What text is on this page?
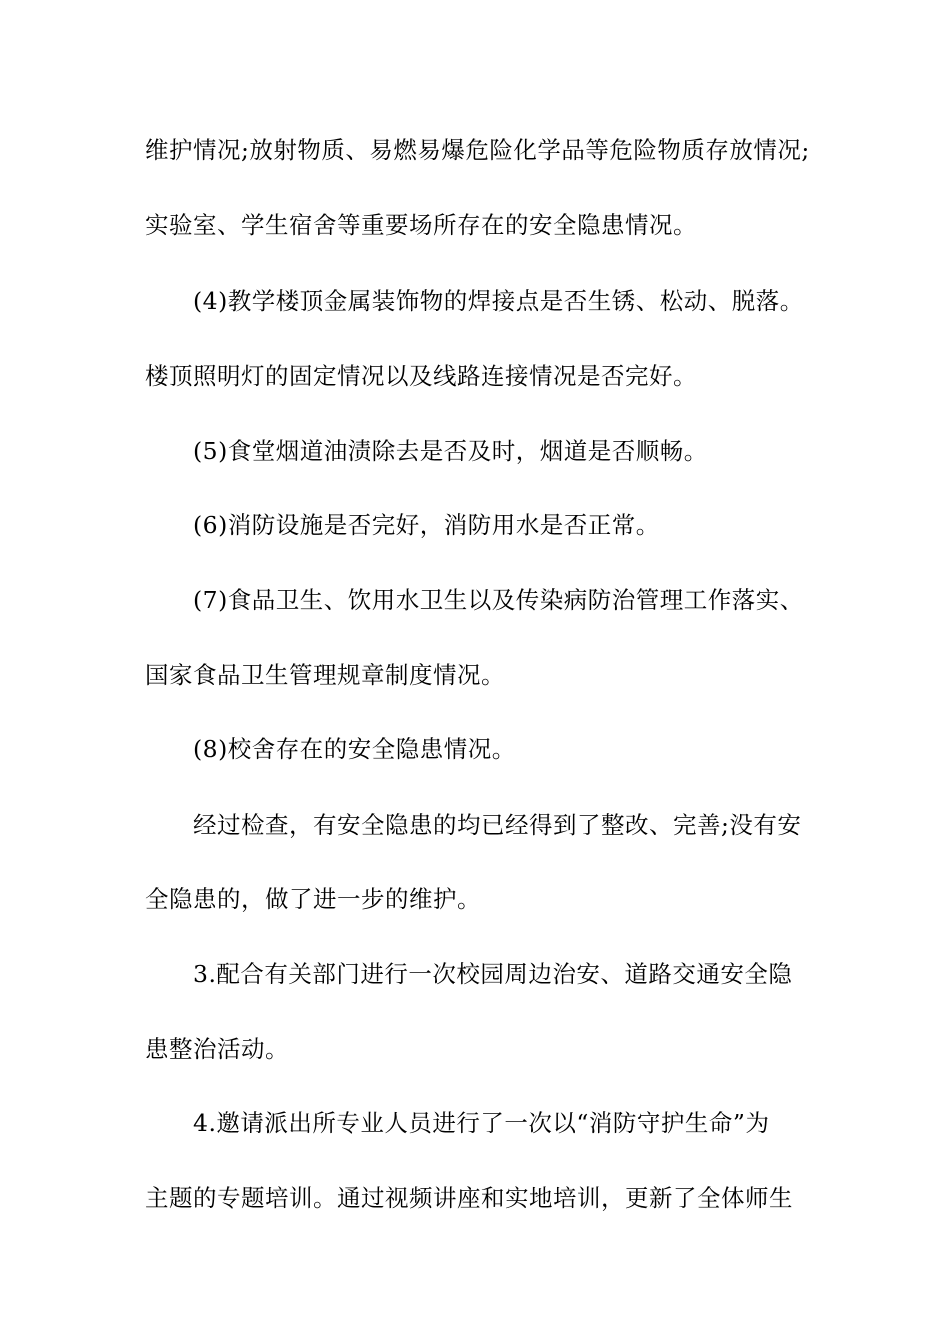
维护情况;放射物质、易燃易爆危险化学品等危险物质存放情况;
实验室、学生宿舍等重要场所存在的安全隐患情况。
(4)教学楼顶金属装饰物的焊接点是否生锈、松动、脱落。
楼顶照明灯的固定情况以及线路连接情况是否完好。
(5)食堂烟道油渍除去是否及时，烟道是否顺畅。
(6)消防设施是否完好，消防用水是否正常。
(7)食品卫生、饮用水卫生以及传染病防治管理工作落实、
国家食品卫生管理规章制度情况。
(8)校舍存在的安全隐患情况。
经过检查，有安全隐患的均已经得到了整改、完善;没有安
全隐患的，做了进一步的维护。
3.配合有关部门进行一次校园周边治安、道路交通安全隐
患整治活动。
4.邀请派出所专业人员进行了一次以“消防守护生命”为
主题的专题培训。通过视频讲座和实地培训，更新了全体师生
